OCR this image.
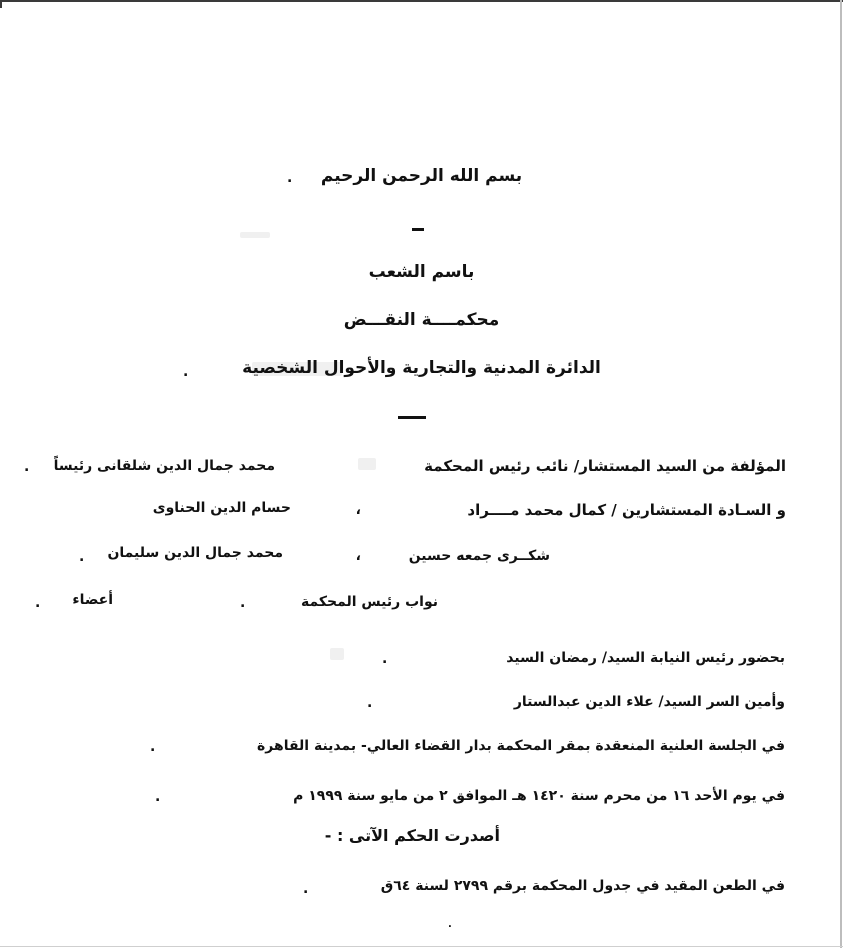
بسم الله الرحمن الرحيم
.
باسم الشعب
محكمــــة النقـــض
الدائرة المدنية والتجارية والأحوال الشخصية
.
المؤلفة من السيد المستشار/ نائب رئيس المحكمة
محمد جمال الدين شلقانى رئيساً
.
و السـادة المستشارين / كمال محمد مــــراد
،
حسام الدين الحناوى
شكــرى جمعه حسين
،
محمد جمال الدين سليمان
.
نواب رئيس المحكمة
.
أعضاء
.
بحضور رئيس النيابة السيد/ رمضان السيد
.
وأمين السر السيد/ علاء الدين عبدالستار
.
في الجلسة العلنية المنعقدة بمقر المحكمة بدار القضاء العالي- بمدينة القاهرة
.
في يوم الأحد ١٦ من محرم سنة ١٤٢٠ هـ الموافق ٢ من مايو سنة ١٩٩٩ م
.
أصدرت الحكم الآتى : -
في الطعن المقيد في جدول المحكمة برقم ٢٧٩٩ لسنة ٦٤ق
.
.
